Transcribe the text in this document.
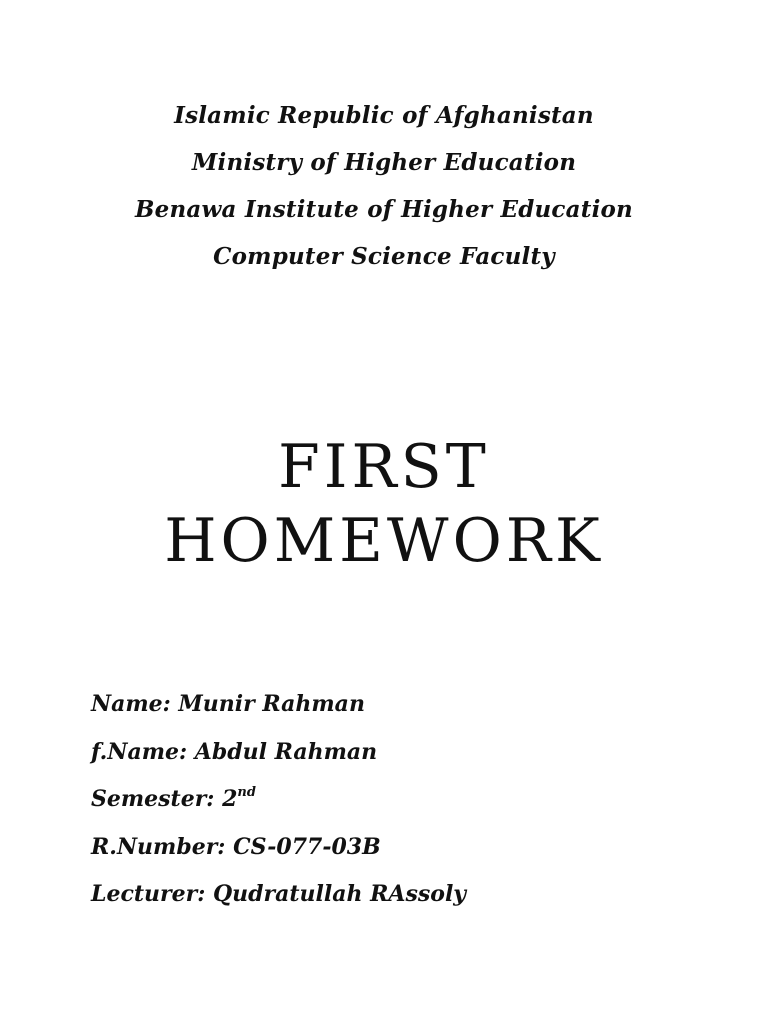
Islamic Republic of Afghanistan
Ministry of Higher Education
Benawa Institute of Higher Education
Computer Science Faculty
FIRST
HOMEWORK
Name: Munir Rahman
f.Name: Abdul Rahman
Semester: 2nd
R.Number: CS-077-03B
Lecturer: Qudratullah RAssoly
